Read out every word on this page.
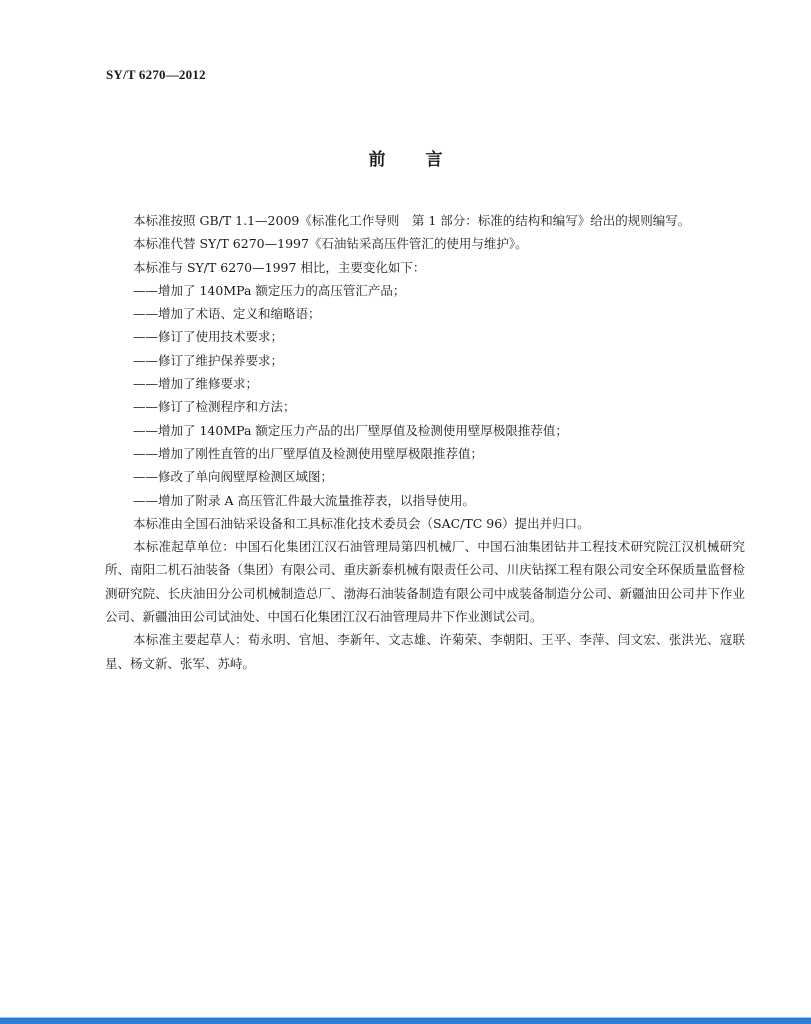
SY/T 6270—2012
前 言

本标准按照 GB/T 1.1—2009《标准化工作导则　第 1 部分：标准的结构和编写》给出的规则编写。

本标准代替 SY/T 6270—1997《石油钻采高压件管汇的使用与维护》。

本标准与 SY/T 6270—1997 相比，主要变化如下：

——增加了 140MPa 额定压力的高压管汇产品；

——增加了术语、定义和缩略语；

——修订了使用技术要求；

——修订了维护保养要求；

——增加了维修要求；

——修订了检测程序和方法；

——增加了 140MPa 额定压力产品的出厂壁厚值及检测使用壁厚极限推荐值；

——增加了刚性直管的出厂壁厚值及检测使用壁厚极限推荐值；

——修改了单向阀壁厚检测区域图；

——增加了附录 A 高压管汇件最大流量推荐表，以指导使用。

本标准由全国石油钻采设备和工具标准化技术委员会（SAC/TC 96）提出并归口。

本标准起草单位：中国石化集团江汉石油管理局第四机械厂、中国石油集团钻井工程技术研究院江汉机械研究所、南阳二机石油装备（集团）有限公司、重庆新泰机械有限责任公司、川庆钻探工程有限公司安全环保质量监督检测研究院、长庆油田分公司机械制造总厂、渤海石油装备制造有限公司中成装备制造分公司、新疆油田公司井下作业公司、新疆油田公司试油处、中国石化集团江汉石油管理局井下作业测试公司。

本标准主要起草人：荀永明、官旭、李新年、文志雄、许菊荣、李朝阳、王平、李萍、闫文宏、张洪光、寇联星、杨文新、张军、苏峙。
